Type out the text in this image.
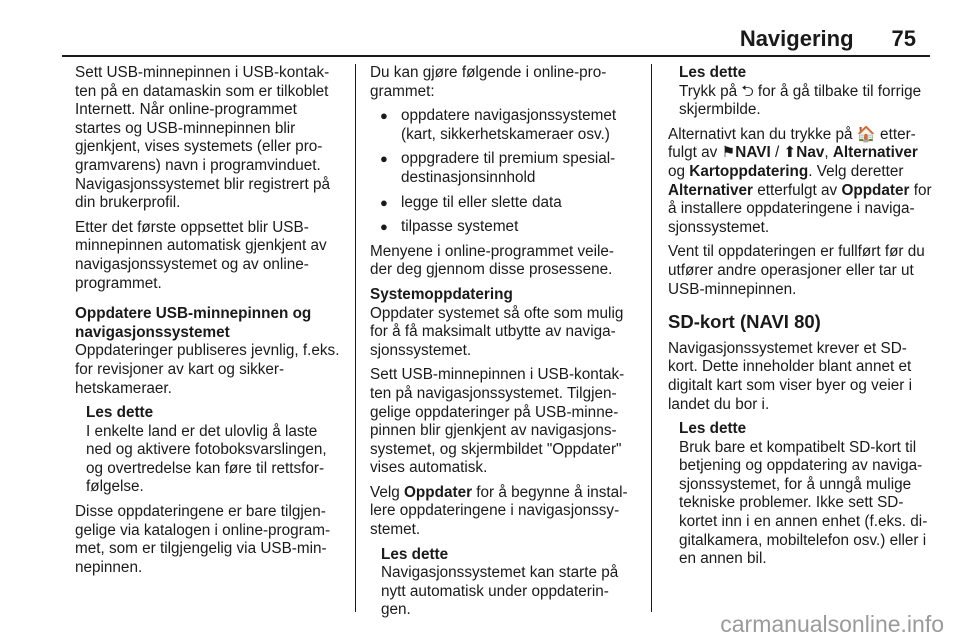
Navigering 75

Sett USB-minnepinnen i USB-kontak-ten på en datamaskin som er tilkoblet Internett. Når online-programmet startes og USB-minnepinnen blir gjenkjent, vises systemets (eller pro-gramvarens) navn i programvinduet. Navigasjonssystemet blir registrert på din brukerprofil.

Etter det første oppsettet blir USB-minnepinnen automatisk gjenkjent av navigasjonssystemet og av online-programmet.

Oppdatere USB-minnepinnen og navigasjonssystemet

Oppdateringer publiseres jevnlig, f.eks. for revisjoner av kart og sikker-hetskameraer.

Les dette
I enkelte land er det ulovlig å laste ned og aktivere fotoboksvarslingen, og overtredelse kan føre til rettsfor-følgelse.

Disse oppdateringene er bare tilgjen-gelige via katalogen i online-program-met, som er tilgjengelig via USB-min-nepinnen.

Du kan gjøre følgende i online-pro-grammet:

● oppdatere navigasjonssystemet (kart, sikkerhetskameraer osv.)
● oppgradere til premium spesial-destinasjonsinnhold
● legge til eller slette data
● tilpasse systemet

Menyene i online-programmet veile-der deg gjennom disse prosessene.

Systemoppdatering

Oppdater systemet så ofte som mulig for å få maksimalt utbytte av naviga-sjonssystemet.

Sett USB-minnepinnen i USB-kontak-ten på navigasjonssystemet. Tilgjen-gelige oppdateringer på USB-minne-pinnen blir gjenkjent av navigasjons-systemet, og skjermbildet "Oppdater" vises automatisk.

Velg Oppdater for å begynne å instal-lere oppdateringene i navigasjonssy-stemet.

Les dette
Navigasjonssystemet kan starte på nytt automatisk under oppdaterin-gen.
Les dette
Trykk på ⮌ for å gå tilbake til forrige skjermbilde.

Alternativt kan du trykke på 🏠 etter-fulgt av ⚑NAVI / ⬆Nav, Alternativer og Kartoppdatering. Velg deretter Alternativer etterfulgt av Oppdater for å installere oppdateringene i naviga-sjonssystemet.

Vent til oppdateringen er fullført før du utfører andre operasjoner eller tar ut USB-minnepinnen.

SD-kort (NAVI 80)

Navigasjonssystemet krever et SD-kort. Dette inneholder blant annet et digitalt kart som viser byer og veier i landet du bor i.

Les dette
Bruk bare et kompatibelt SD-kort til betjening og oppdatering av naviga-sjonssystemet, for å unngå mulige tekniske problemer. Ikke sett SD-kortet inn i en annen enhet (f.eks. di-gitalkamera, mobiltelefon osv.) eller i en annen bil.
carmanualsonline.info
